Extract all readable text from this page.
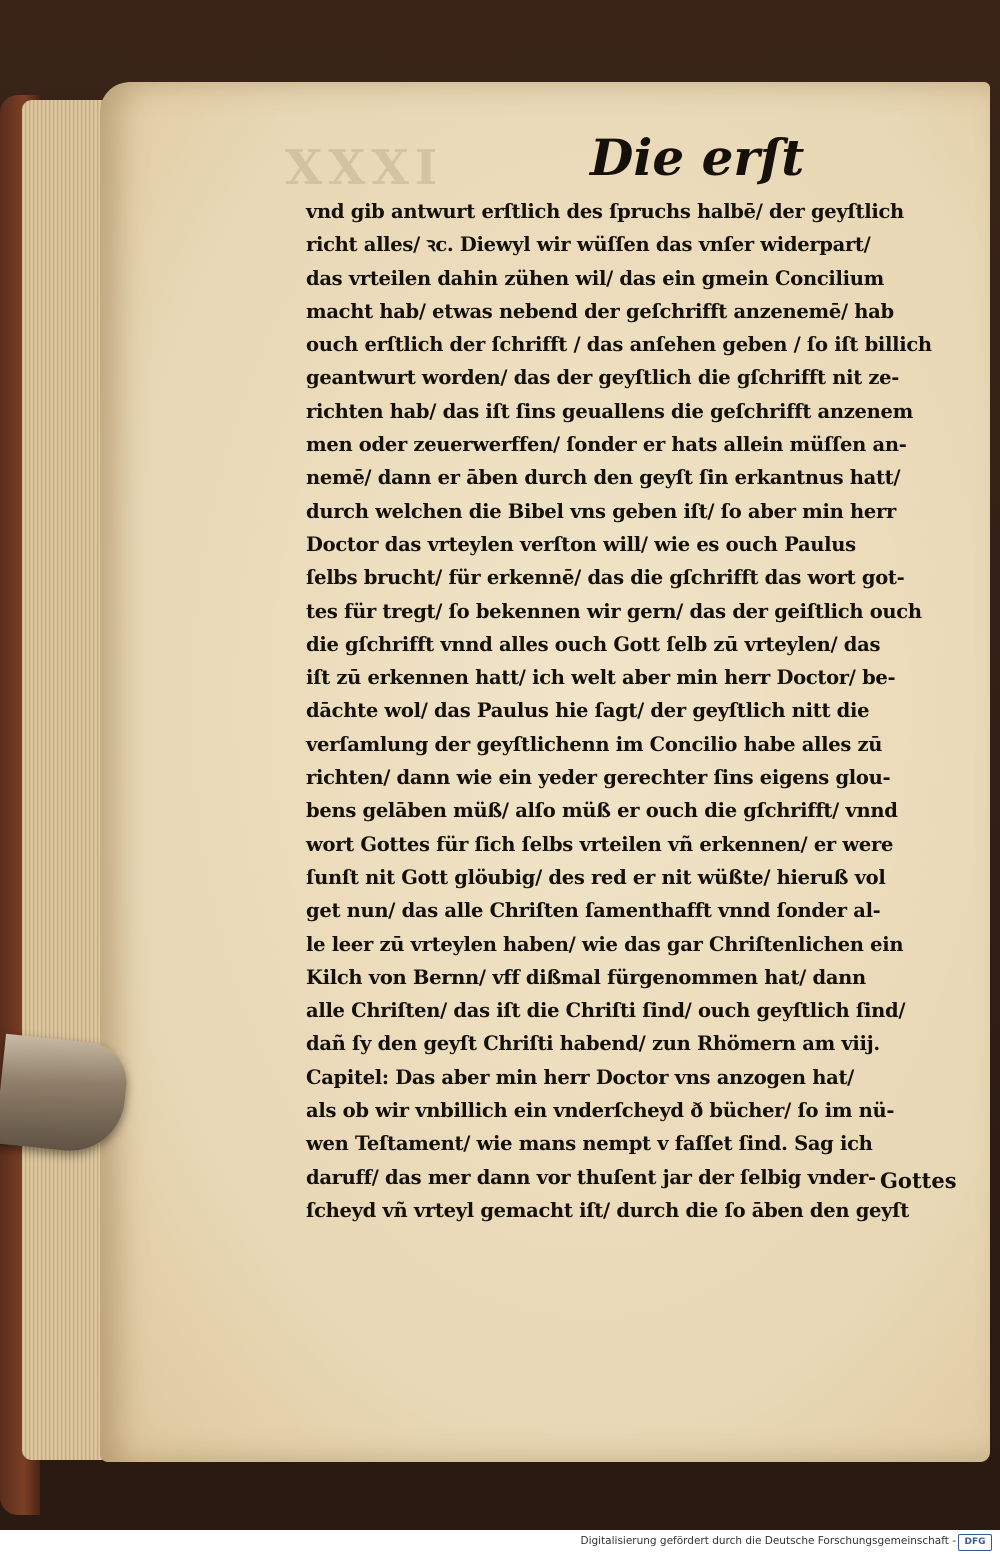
XXXI	Die erſt
vnd gib antwurt erſtlich des ſpruchs halbē/ der geyſtlich
richt alles/ ꝛc. Diewyl wir wüſſen das vnſer widerpart/
das vrteilen dahin zühen wil/ das ein gmein Concilium
macht hab/ etwas nebend der geſchrifft anzenemē/ hab
ouch erſtlich der ſchrifft / das anſehen geben / ſo iſt billich
geantwurt worden/ das der geyſtlich die gſchrifft nit ze-
richten hab/ das iſt ſins geuallens die geſchrifft anzenem
men oder zeuerwerffen/ ſonder er hats allein müſſen an-
nemē/ dann er āben durch den geyſt ſin erkantnus hatt/
durch welchen die Bibel vns geben iſt/ ſo aber min herr
Doctor das vrteylen verſton will/ wie es ouch Paulus
ſelbs brucht/ für erkennē/ das die gſchrifft das wort got-
tes für tregt/ ſo bekennen wir gern/ das der geiſtlich ouch
die gſchrifft vnnd alles ouch Gott ſelb zū vrteylen/ das
iſt zū erkennen hatt/ ich welt aber min herr Doctor/ be-
dāchte wol/ das Paulus hie ſagt/ der geyſtlich nitt die
verſamlung der geyſtlichenn im Concilio habe alles zū
richten/ dann wie ein yeder gerechter ſins eigens glou-
bens gelāben müß/ alſo müß er ouch die gſchrifft/ vnnd
wort Gottes für ſich ſelbs vrteilen vñ erkennen/ er were
ſunſt nit Gott glöubig/ des red er nit wüßte/ hieruß vol
get nun/ das alle Chriſten ſamenthafft vnnd ſonder al-
le leer zū vrteylen haben/ wie das gar Chriſtenlichen ein
Kilch von Bernn/ vff dißmal fürgenommen hat/ dann
alle Chriſten/ das iſt die Chriſti ſind/ ouch geyſtlich ſind/
dañ ſy den geyſt Chriſti habend/ zun Rhömern am viij.
Capitel: Das aber min herr Doctor vns anzogen hat/
als ob wir vnbillich ein vnderſcheyd ð bücher/ ſo im nü-
wen Teſtament/ wie mans nempt v faſſet ſind. Sag ich
daruff/ das mer dann vor thuſent jar der ſelbig vnder-
ſcheyd vñ vrteyl gemacht iſt/ durch die ſo āben den geyſt
Gottes
Digitalisierung gefördert durch die Deutsche Forschungsgemeinschaft - DFG
